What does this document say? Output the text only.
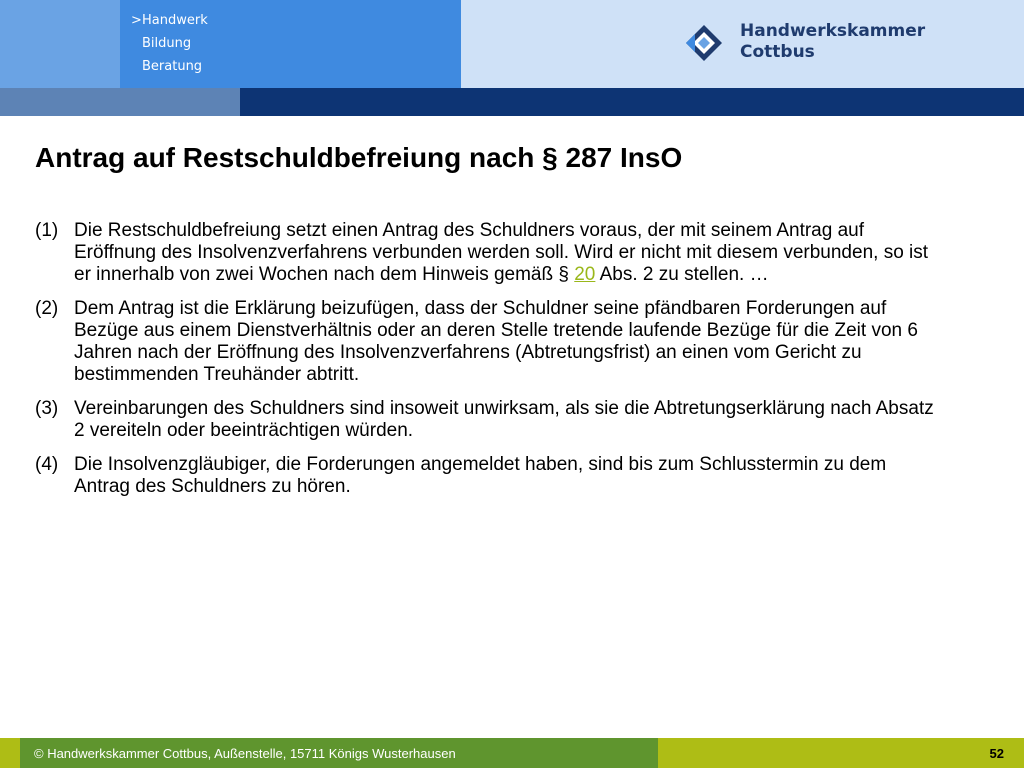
> Handwerk
Bildung
Beratung
Handwerkskammer
Cottbus
Antrag auf Restschuldbefreiung nach § 287 InsO
(1) Die Restschuldbefreiung setzt einen Antrag des Schuldners voraus, der mit seinem Antrag auf Eröffnung des Insolvenzverfahrens verbunden werden soll. Wird er nicht mit diesem verbunden, so ist er innerhalb von zwei Wochen nach dem Hinweis gemäß § 20 Abs. 2 zu stellen. …
(2) Dem Antrag ist die Erklärung beizufügen, dass der Schuldner seine pfändbaren Forderungen auf Bezüge aus einem Dienstverhältnis oder an deren Stelle tretende laufende Bezüge für die Zeit von 6 Jahren nach der Eröffnung des Insolvenzverfahrens (Abtretungsfrist) an einen vom Gericht zu bestimmenden Treuhänder abtritt.
(3) Vereinbarungen des Schuldners sind insoweit unwirksam, als sie die Abtretungserklärung nach Absatz 2 vereiteln oder beeinträchtigen würden.
(4) Die Insolvenzgläubiger, die Forderungen angemeldet haben, sind bis zum Schlusstermin zu dem Antrag des Schuldners zu hören.
© Handwerkskammer Cottbus, Außenstelle, 15711 Königs Wusterhausen	52
